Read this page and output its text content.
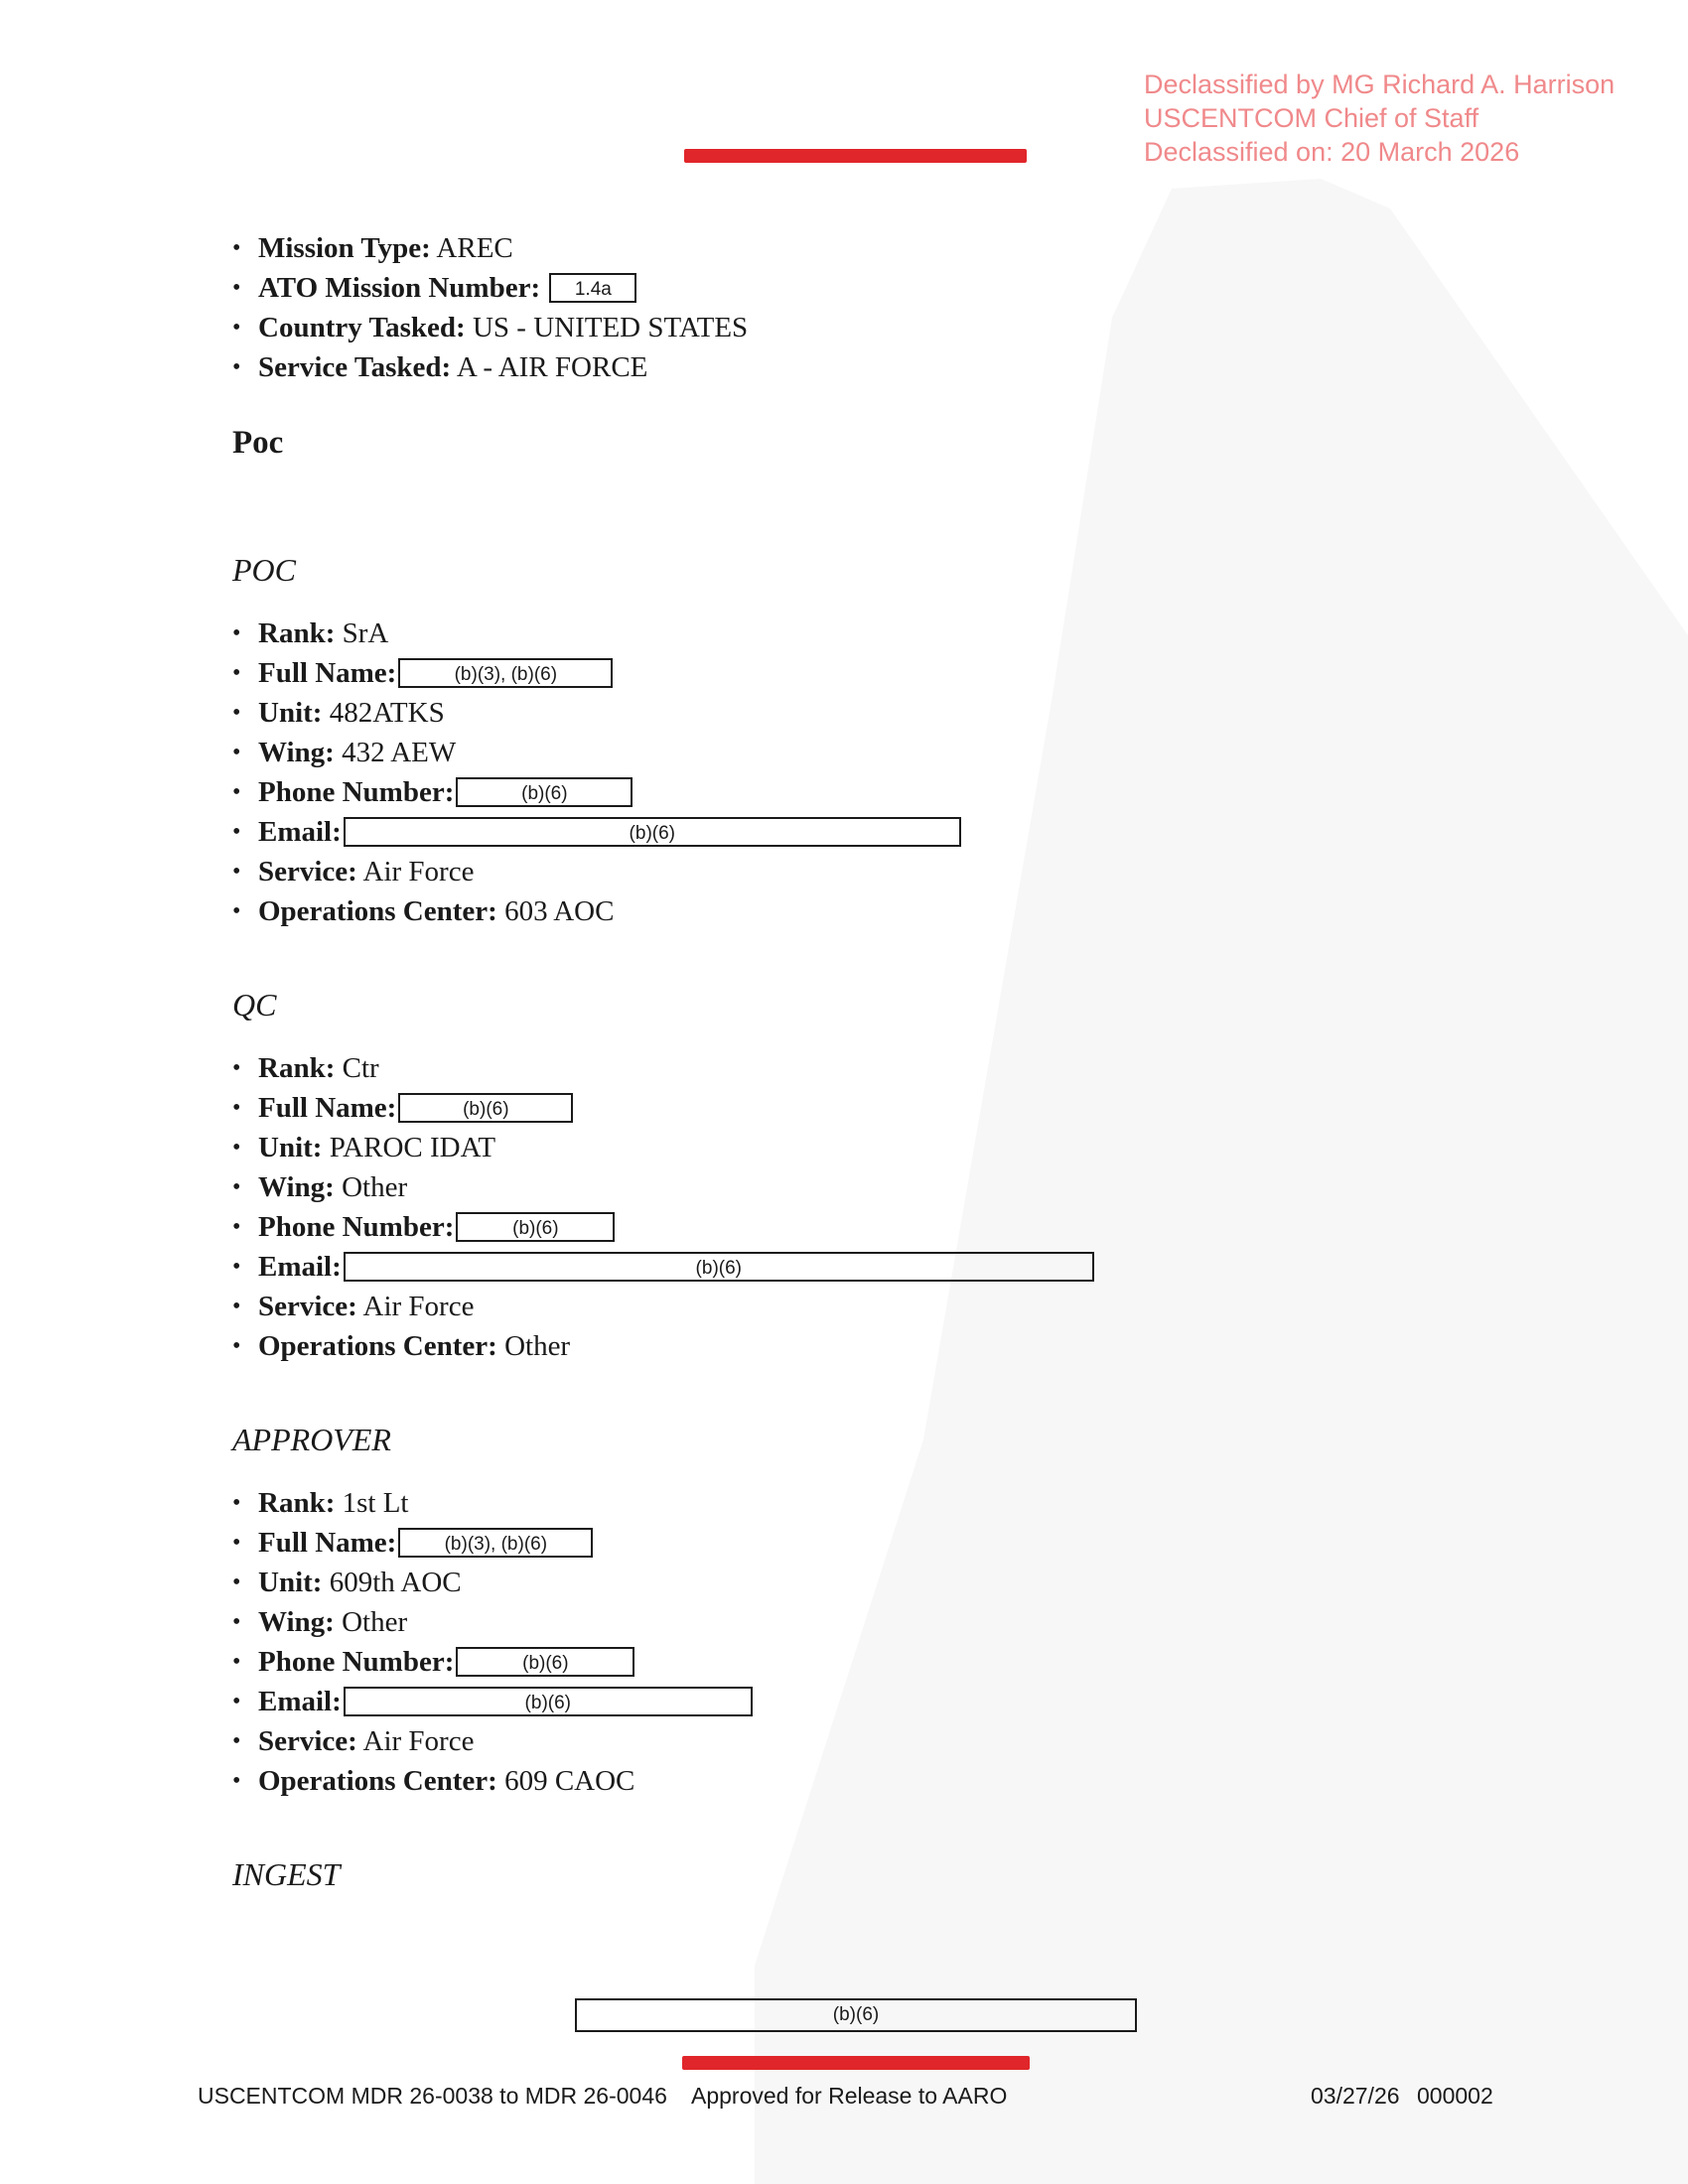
Declassified by MG Richard A. Harrison
USCENTCOM Chief of Staff
Declassified on: 20 March 2026
• Mission Type: AREC
• ATO Mission Number: 1.4a
• Country Tasked: US - UNITED STATES
• Service Tasked: A - AIR FORCE
Poc
POC
• Rank: SrA
• Full Name:	(b)(3), (b)(6)
• Unit: 482ATKS
• Wing: 432 AEW
• Phone Number:	(b)(6)
• Email:	(b)(6)
• Service: Air Force
• Operations Center: 603 AOC
QC
• Rank: Ctr
• Full Name:	(b)(6)
• Unit: PAROC IDAT
• Wing: Other
• Phone Number:	(b)(6)
• Email:	(b)(6)
• Service: Air Force
• Operations Center: Other
APPROVER
• Rank: 1st Lt
• Full Name:	(b)(3), (b)(6)
• Unit: 609th AOC
• Wing: Other
• Phone Number:	(b)(6)
• Email:	(b)(6)
• Service: Air Force
• Operations Center: 609 CAOC
INGEST
(b)(6)
USCENTCOM MDR 26-0038 to MDR 26-0046 Approved for Release to AARO	03/27/26 000002
